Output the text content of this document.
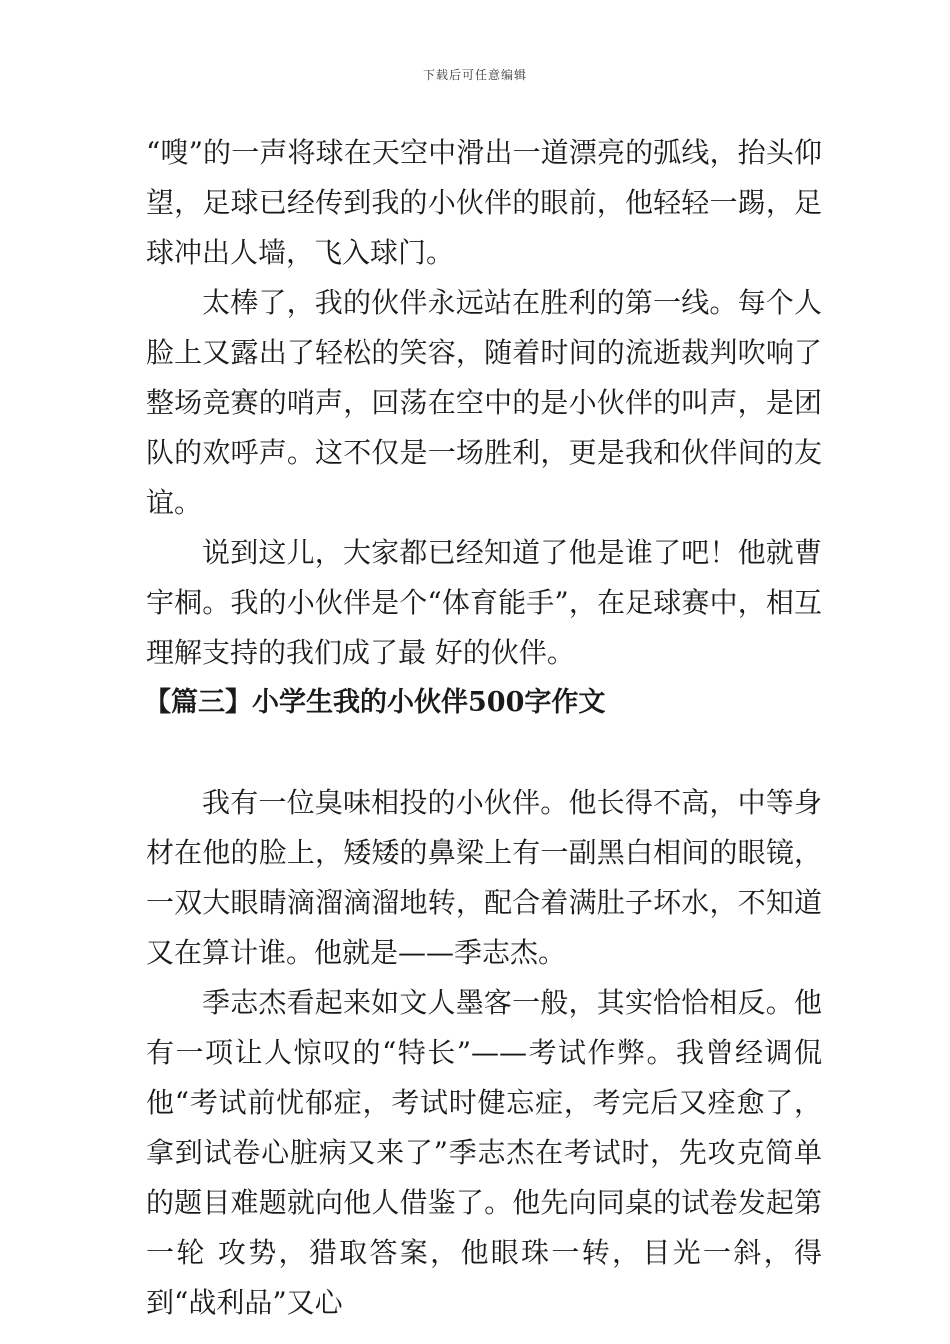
下载后可任意编辑

“嗖”的一声将球在天空中滑出一道漂亮的弧线，抬头仰望，足球已经传到我的小伙伴的眼前，他轻轻一踢，足球冲出人墙，飞入球门。

太棒了，我的伙伴永远站在胜利的第一线。每个人脸上又露出了轻松的笑容，随着时间的流逝裁判吹响了整场竞赛的哨声，回荡在空中的是小伙伴的叫声，是团队的欢呼声。这不仅是一场胜利，更是我和伙伴间的友谊。

说到这儿，大家都已经知道了他是谁了吧！他就曹宇桐。我的小伙伴是个“体育能手”，在足球赛中，相互理解支持的我们成了最 好的伙伴。

【篇三】小学生我的小伙伴500字作文

我有一位臭味相投的小伙伴。他长得不高，中等身材在他的脸上，矮矮的鼻梁上有一副黑白相间的眼镜，一双大眼睛滴溜滴溜地转，配合着满肚子坏水，不知道又在算计谁。他就是——季志杰。

季志杰看起来如文人墨客一般，其实恰恰相反。他有一项让人惊叹的“特长”——考试作弊。我曾经调侃他“考试前忧郁症，考试时健忘症，考完后又痊愈了，拿到试卷心脏病又来了”季志杰在考试时，先攻克简单的题目难题就向他人借鉴了。他先向同桌的试卷发起第一轮 攻势，猎取答案，他眼珠一转，目光一斜，得到“战利品”又心
